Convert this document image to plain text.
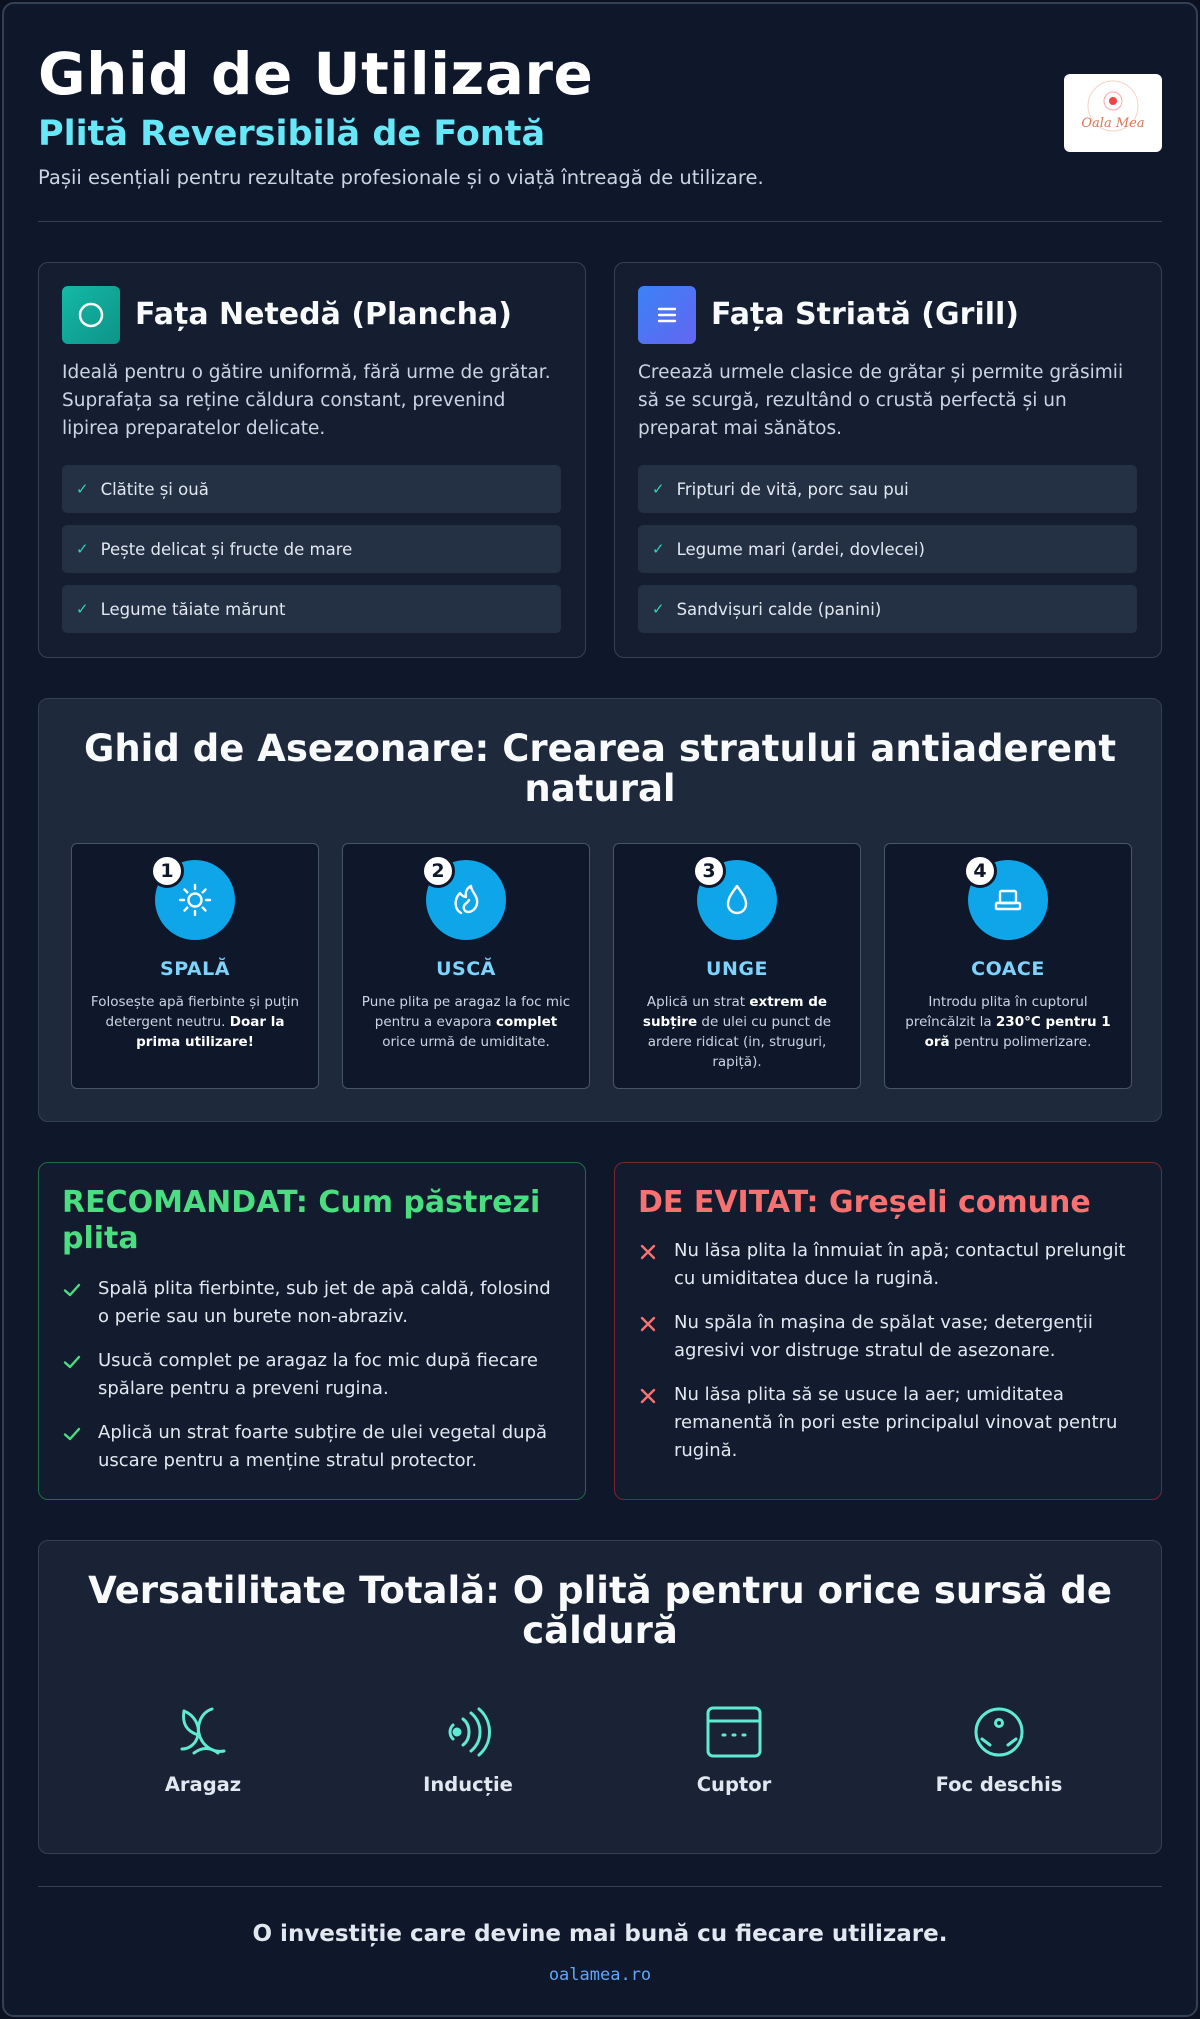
Ghid de Utilizare
Plită Reversibilă de Fontă
Pașii esențiali pentru rezultate profesionale și o viață întreagă de utilizare.
Oala Mea
Fața Netedă (Plancha)
Ideală pentru o gătire uniformă, fără urme de grătar. Suprafața sa reține căldura constant, prevenind lipirea preparatelor delicate.
✓ Clătite și ouă
✓ Pește delicat și fructe de mare
✓ Legume tăiate mărunt
Fața Striată (Grill)
Creează urmele clasice de grătar și permite grăsimii să se scurgă, rezultând o crustă perfectă și un preparat mai sănătos.
✓ Fripturi de vită, porc sau pui
✓ Legume mari (ardei, dovlecei)
✓ Sandvișuri calde (panini)
Ghid de Asezonare: Crearea stratului antiaderent natural
1
SPALĂ
Folosește apă fierbinte și puțin detergent neutru. Doar la prima utilizare!
2
USCĂ
Pune plita pe aragaz la foc mic pentru a evapora complet orice urmă de umiditate.
3
UNGE
Aplică un strat extrem de subțire de ulei cu punct de ardere ridicat (in, struguri, rapiță).
4
COACE
Introdu plita în cuptorul preîncălzit la 230°C pentru 1 oră pentru polimerizare.
RECOMANDAT: Cum păstrezi plita
Spală plita fierbinte, sub jet de apă caldă, folosind o perie sau un burete non-abraziv.
Usucă complet pe aragaz la foc mic după fiecare spălare pentru a preveni rugina.
Aplică un strat foarte subțire de ulei vegetal după uscare pentru a menține stratul protector.
DE EVITAT: Greșeli comune
Nu lăsa plita la înmuiat în apă; contactul prelungit cu umiditatea duce la rugină.
Nu spăla în mașina de spălat vase; detergenții agresivi vor distruge stratul de asezonare.
Nu lăsa plita să se usuce la aer; umiditatea remanentă în pori este principalul vinovat pentru rugină.
Versatilitate Totală: O plită pentru orice sursă de căldură
Aragaz	Inducție	Cuptor	Foc deschis
O investiție care devine mai bună cu fiecare utilizare.
oalamea.ro
